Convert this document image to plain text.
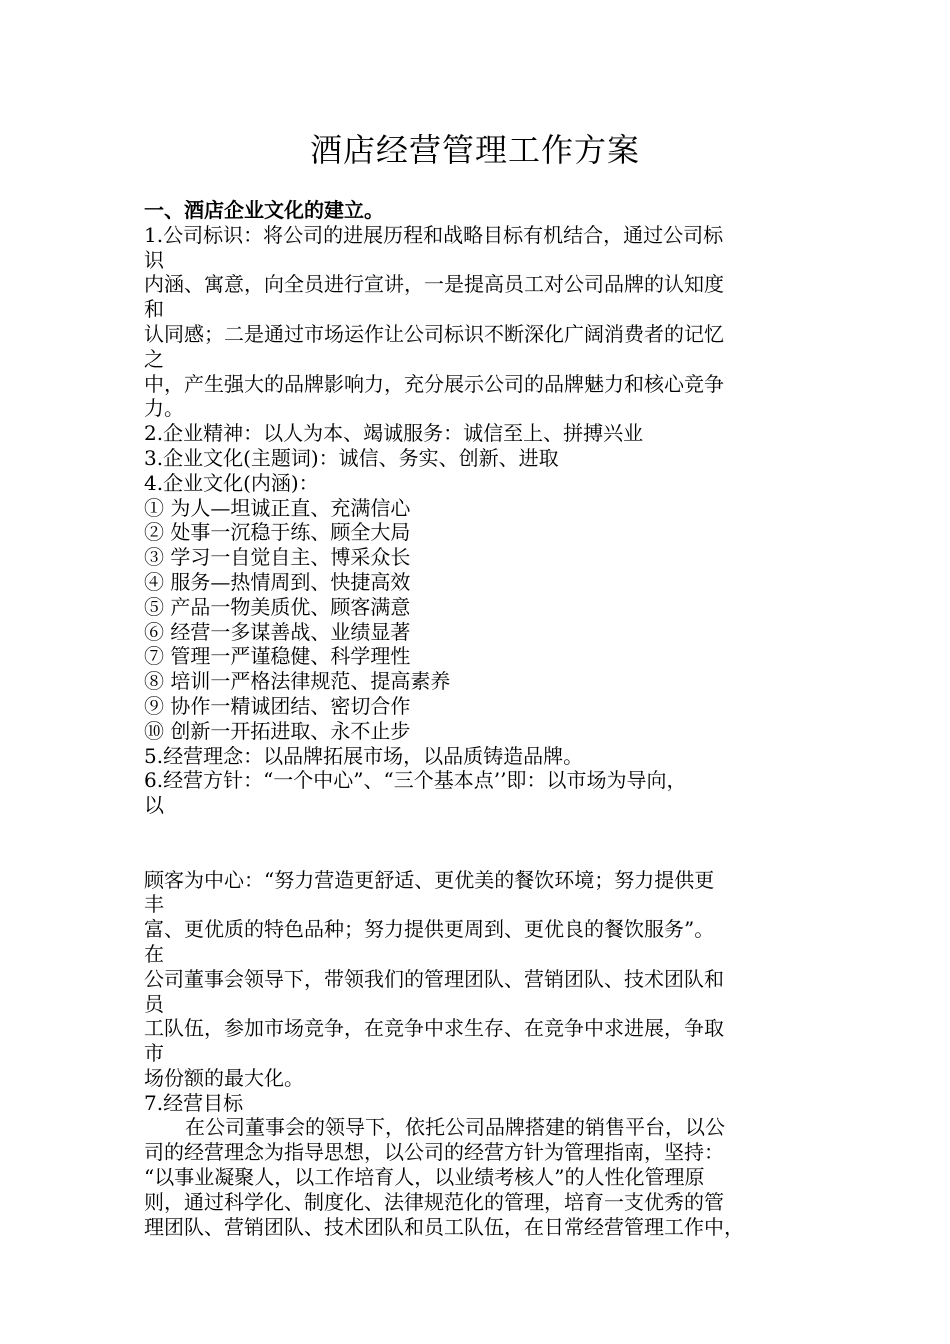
酒店经营管理工作方案
一、酒店企业文化的建立。
1.公司标识：将公司的进展历程和战略目标有机结合，通过公司标
识
内涵、寓意，向全员进行宣讲，一是提高员工对公司品牌的认知度
和
认同感；二是通过市场运作让公司标识不断深化广阔消费者的记忆
之
中，产生强大的品牌影响力，充分展示公司的品牌魅力和核心竞争
力。
2.企业精神：以人为本、竭诚服务：诚信至上、拼搏兴业
3.企业文化(主题词)：诚信、务实、创新、进取
4.企业文化(内涵)：
① 为人—坦诚正直、充满信心
② 处事一沉稳于练、顾全大局
③ 学习一自觉自主、博采众长
④ 服务—热情周到、快捷高效
⑤ 产品一物美质优、顾客满意
⑥ 经营一多谋善战、业绩显著
⑦ 管理一严谨稳健、科学理性
⑧ 培训一严格法律规范、提高素养
⑨ 协作一精诚团结、密切合作
⑩ 创新一开拓进取、永不止步
5.经营理念：以品牌拓展市场，以品质铸造品牌。
6.经营方针：“一个中心”、“三个基本点’’即：以市场为导向，
以
顾客为中心：“努力营造更舒适、更优美的餐饮环境；努力提供更
丰
富、更优质的特色品种；努力提供更周到、更优良的餐饮服务”。
在
公司董事会领导下，带领我们的管理团队、营销团队、技术团队和
员
工队伍，参加市场竞争，在竞争中求生存、在竞争中求进展，争取
市
场份额的最大化。
7.经营目标
在公司董事会的领导下，依托公司品牌搭建的销售平台，以公
司的经营理念为指导思想，以公司的经营方针为管理指南，坚持：
“以事业凝聚人，以工作培育人，以业绩考核人”的人性化管理原
则，通过科学化、制度化、法律规范化的管理，培育一支优秀的管
理团队、营销团队、技术团队和员工队伍，在日常经营管理工作中，
